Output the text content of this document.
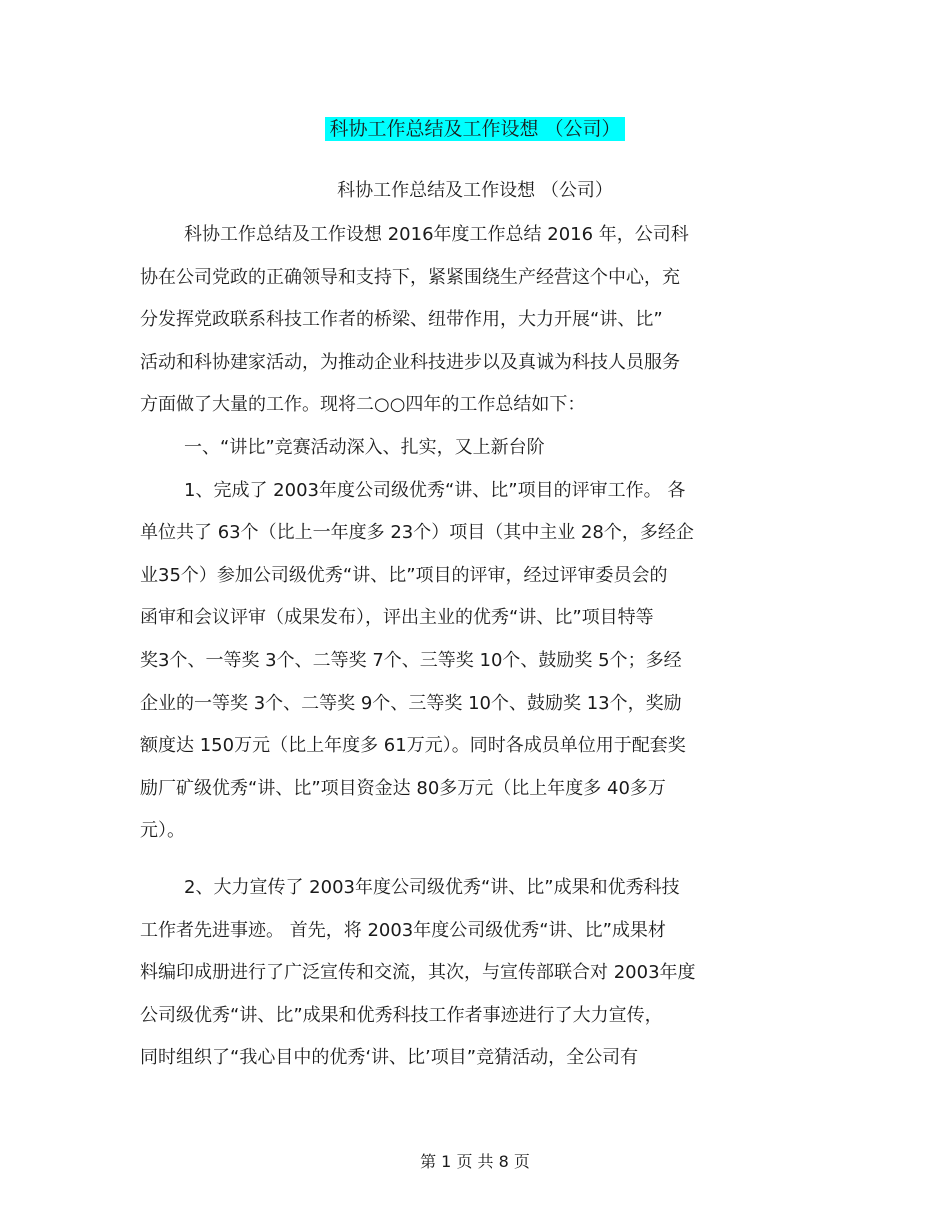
科协工作总结及工作设想 （公司）
科协工作总结及工作设想 （公司）
科协工作总结及工作设想 2016年度工作总结 2016 年，公司科
协在公司党政的正确领导和支持下，紧紧围绕生产经营这个中心，充
分发挥党政联系科技工作者的桥梁、纽带作用，大力开展“讲、比”
活动和科协建家活动，为推动企业科技进步以及真诚为科技人员服务
方面做了大量的工作。现将二○○四年的工作总结如下：
一、“讲比”竞赛活动深入、扎实，又上新台阶
1、完成了 2003年度公司级优秀“讲、比”项目的评审工作。 各
单位共了 63个（比上一年度多 23个）项目（其中主业 28个，多经企
业35个）参加公司级优秀“讲、比”项目的评审，经过评审委员会的
函审和会议评审（成果发布），评出主业的优秀“讲、比”项目特等
奖3个、一等奖 3个、二等奖 7个、三等奖 10个、鼓励奖 5个；多经
企业的一等奖 3个、二等奖 9个、三等奖 10个、鼓励奖 13个，奖励
额度达 150万元（比上年度多 61万元）。同时各成员单位用于配套奖
励厂矿级优秀“讲、比”项目资金达 80多万元（比上年度多 40多万
元）。
2、大力宣传了 2003年度公司级优秀“讲、比”成果和优秀科技
工作者先进事迹。 首先，将 2003年度公司级优秀“讲、比”成果材
料编印成册进行了广泛宣传和交流，其次，与宣传部联合对 2003年度
公司级优秀“讲、比”成果和优秀科技工作者事迹进行了大力宣传，
同时组织了“我心目中的优秀‘讲、比’项目”竞猜活动，全公司有
第 1 页 共 8 页
